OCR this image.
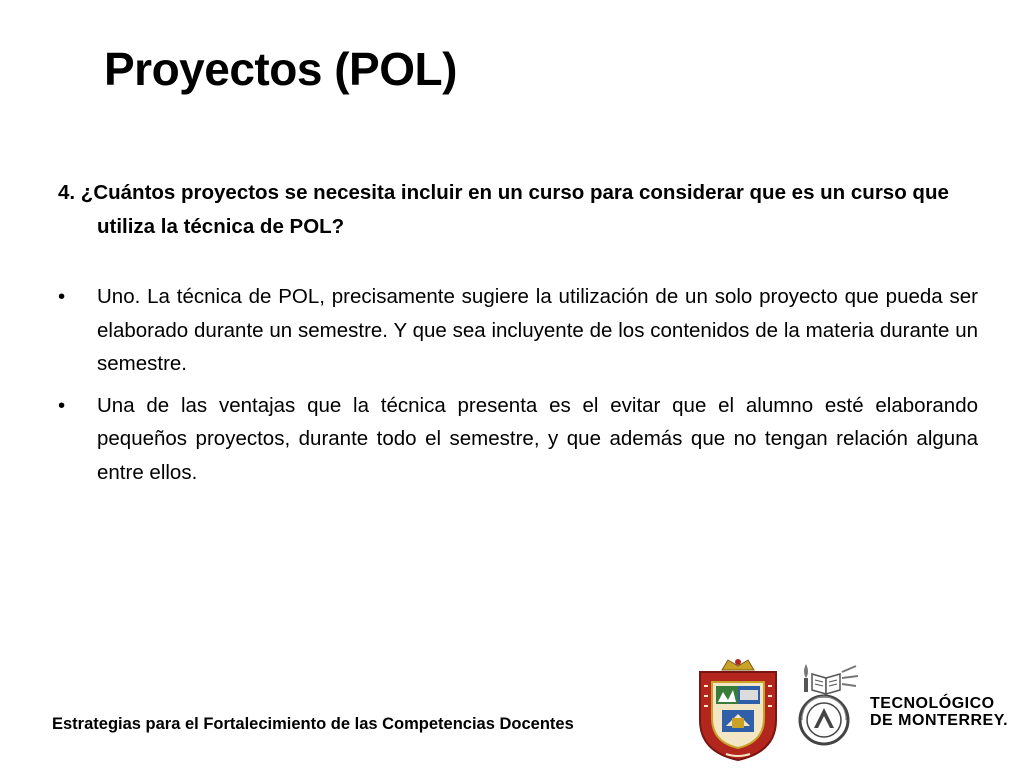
Proyectos (POL)

4. ¿Cuántos proyectos se necesita incluir en un curso para considerar que es un curso que utiliza la técnica de POL?

• Uno. La técnica de POL, precisamente sugiere la utilización de un solo proyecto que pueda ser elaborado durante un semestre. Y que sea incluyente de los contenidos de la materia durante un semestre.
• Una de las ventajas que la técnica presenta es el evitar que el alumno esté elaborando pequeños proyectos, durante todo el semestre, y que además que no tengan relación alguna entre ellos.
Estrategias para el Fortalecimiento de las Competencias Docentes
TECNOLÓGICO
DE MONTERREY.
